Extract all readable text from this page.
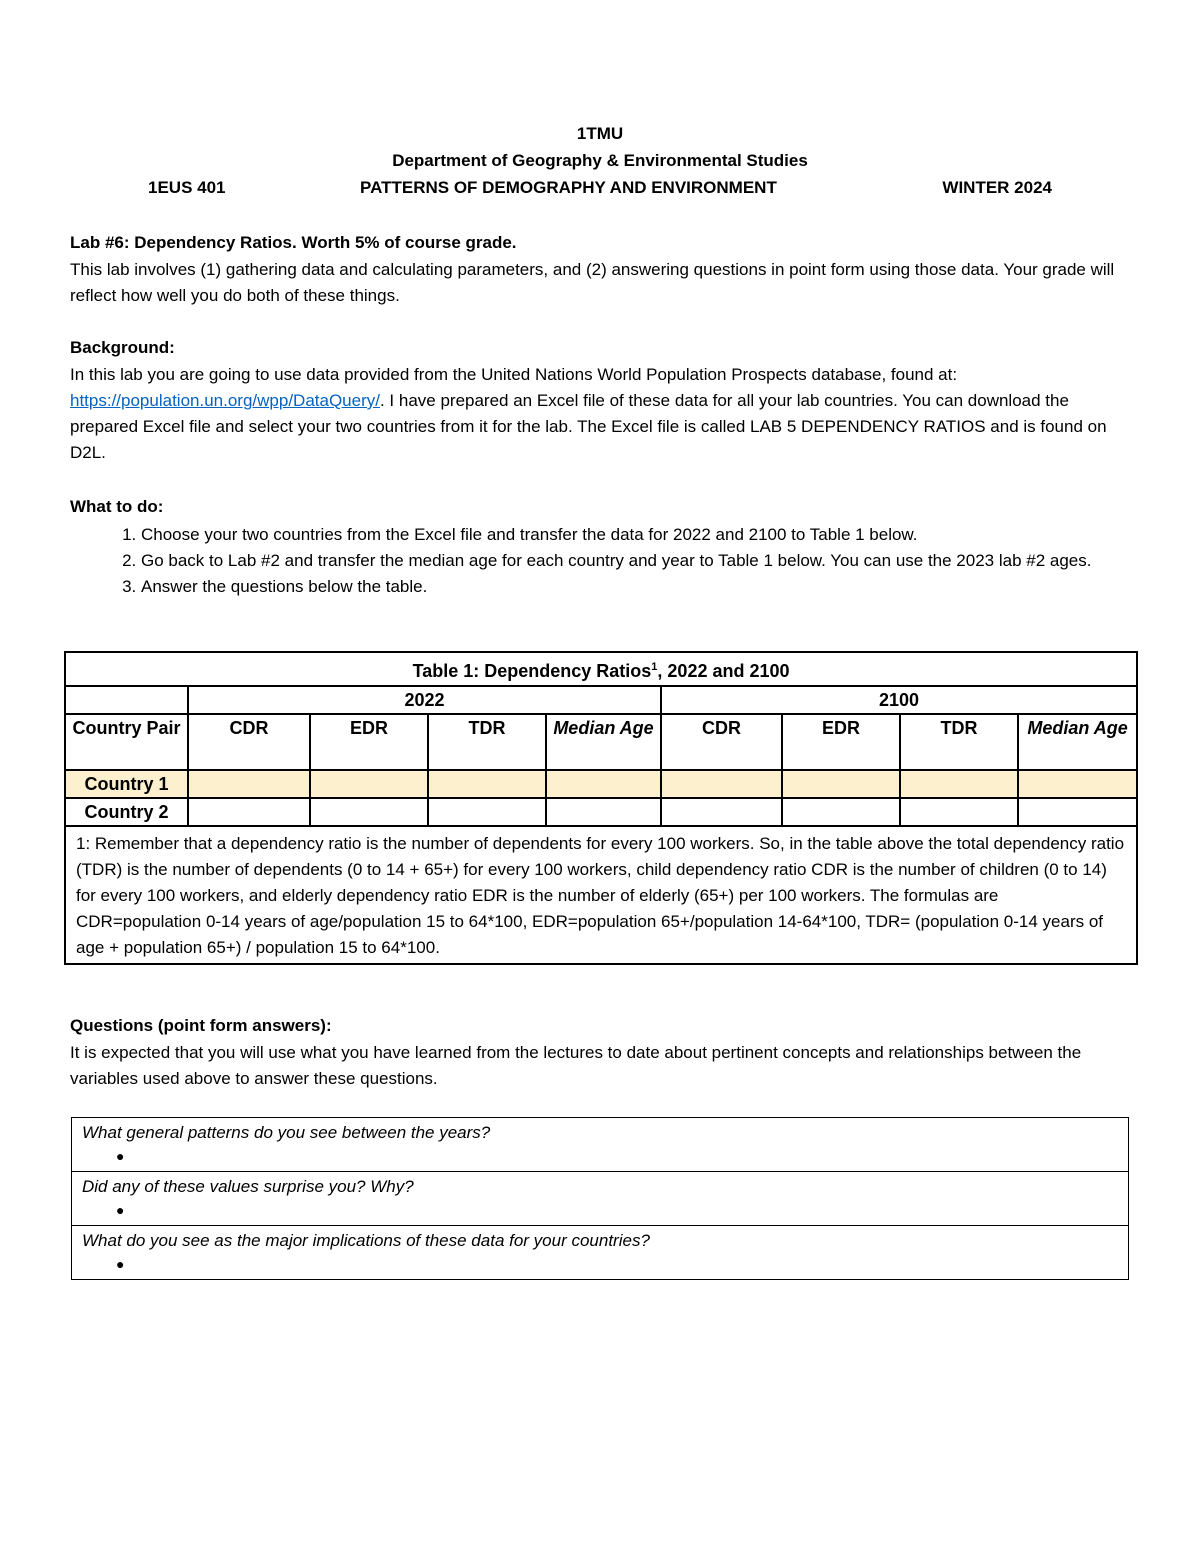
1TMU
Department of Geography & Environmental Studies
1EUS 401	PATTERNS OF DEMOGRAPHY AND ENVIRONMENT	WINTER 2024
Lab #6: Dependency Ratios. Worth 5% of course grade.
This lab involves (1) gathering data and calculating parameters, and (2) answering questions in point form using those data. Your grade will reflect how well you do both of these things.
Background:
In this lab you are going to use data provided from the United Nations World Population Prospects database, found at: https://population.un.org/wpp/DataQuery/. I have prepared an Excel file of these data for all your lab countries. You can download the prepared Excel file and select your two countries from it for the lab. The Excel file is called LAB 5 DEPENDENCY RATIOS and is found on D2L.
What to do:
1. Choose your two countries from the Excel file and transfer the data for 2022 and 2100 to Table 1 below.
2. Go back to Lab #2 and transfer the median age for each country and year to Table 1 below. You can use the 2023 lab #2 ages.
3. Answer the questions below the table.
Table 1: Dependency Ratios$^1$, 2022 and 2100								
	2022				2100			
Country Pair	CDR	EDR	TDR	Median Age	CDR	EDR	TDR	Median Age
Country 1								
Country 2								
1: Remember that a dependency ratio is the number of dependents for every 100 workers. So, in the table above the total dependency ratio (TDR) is the number of dependents (0 to 14 + 65+) for every 100 workers, child dependency ratio CDR is the number of children (0 to 14) for every 100 workers, and elderly dependency ratio EDR is the number of elderly (65+) per 100 workers. The formulas are CDR=population 0-14 years of age/population 15 to 64*100, EDR=population 65+/population 14-64*100, TDR= (population 0-14 years of age + population 65+) / population 15 to 64*100.								
Questions (point form answers):
It is expected that you will use what you have learned from the lectures to date about pertinent concepts and relationships between the variables used above to answer these questions.
What general patterns do you see between the years?
●

Did any of these values surprise you? Why?
●

What do you see as the major implications of these data for your countries?
●
